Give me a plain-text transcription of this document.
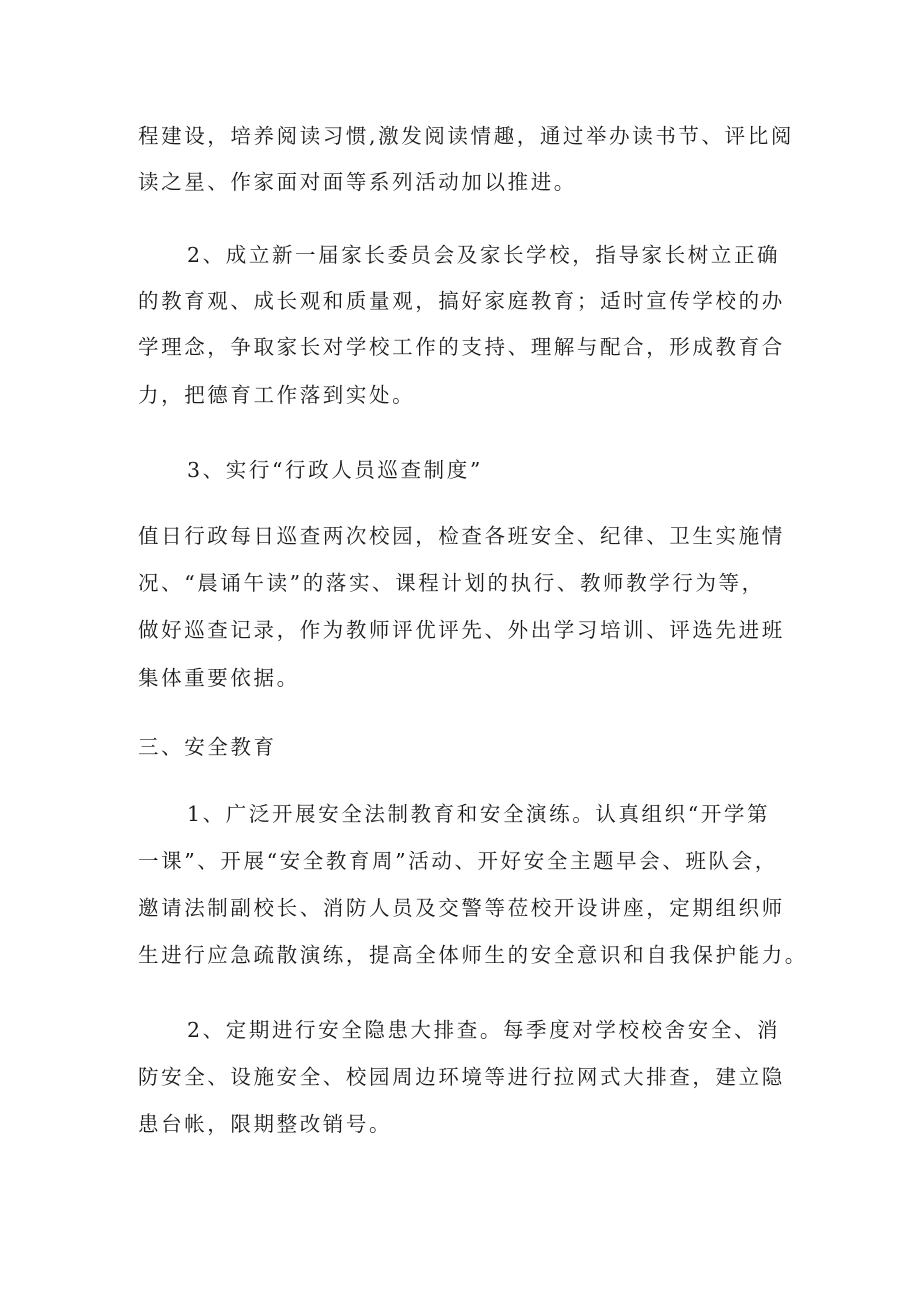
程建设，培养阅读习惯,激发阅读情趣，通过举办读书节、评比阅
读之星、作家面对面等系列活动加以推进。
2、成立新一届家长委员会及家长学校，指导家长树立正确
的教育观、成长观和质量观，搞好家庭教育；适时宣传学校的办
学理念，争取家长对学校工作的支持、理解与配合，形成教育合
力，把德育工作落到实处。
3、实行“行政人员巡查制度”
值日行政每日巡查两次校园，检查各班安全、纪律、卫生实施情
况、“晨诵午读”的落实、课程计划的执行、教师教学行为等，
做好巡查记录，作为教师评优评先、外出学习培训、评选先进班
集体重要依据。
三、安全教育
1、广泛开展安全法制教育和安全演练。认真组织“开学第
一课”、开展“安全教育周”活动、开好安全主题早会、班队会，
邀请法制副校长、消防人员及交警等莅校开设讲座，定期组织师
生进行应急疏散演练，提高全体师生的安全意识和自我保护能力。
2、定期进行安全隐患大排查。每季度对学校校舍安全、消
防安全、设施安全、校园周边环境等进行拉网式大排查，建立隐
患台帐，限期整改销号。
